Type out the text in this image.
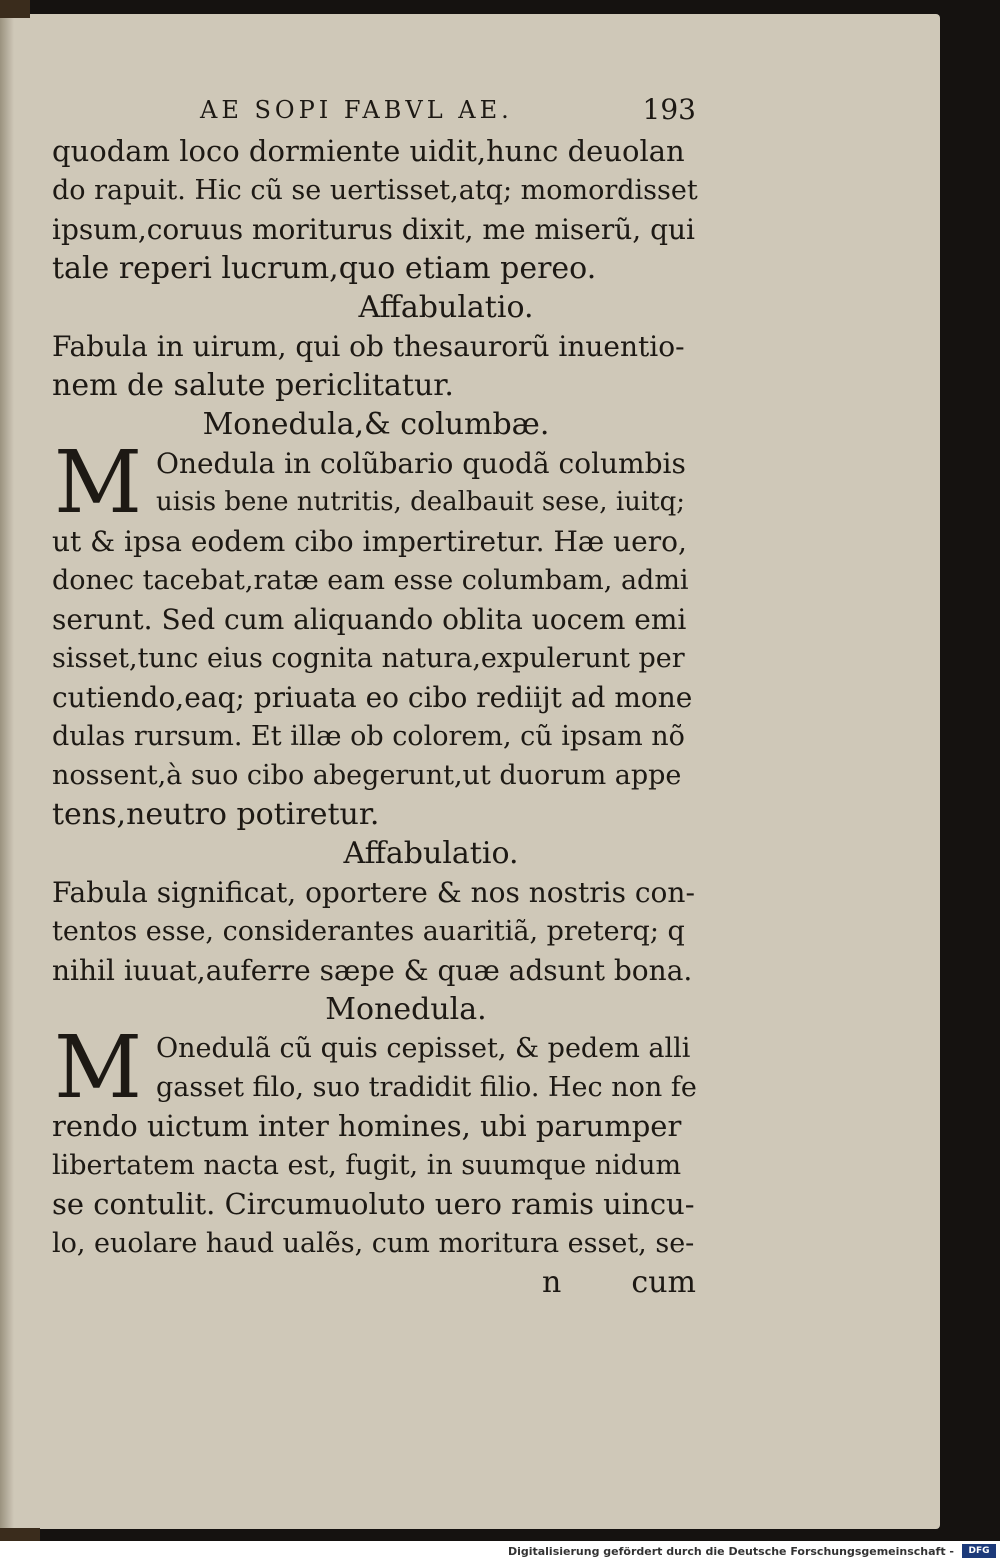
AE SOPI FABVL AE.	193
quodam loco dormiente uidit,hunc deuolan
do rapuit. Hic cũ se uertisset,atq; momordisset
ipsum,coruus moriturus dixit, me miserũ, qui
tale reperi lucrum,quo etiam pereo.
Affabulatio.
Fabula in uirum, qui ob thesaurorũ inuentio-
nem de salute periclitatur.
Monedula,& columbæ.
M Onedula in colũbario quodã columbis
uisis bene nutritis, dealbauit sese, iuitq;
ut & ipsa eodem cibo impertiretur. Hæ uero,
donec tacebat,ratæ eam esse columbam, admi
serunt. Sed cum aliquando oblita uocem emi
sisset,tunc eius cognita natura,expulerunt per
cutiendo,eaq; priuata eo cibo rediijt ad mone
dulas rursum. Et illæ ob colorem, cũ ipsam nõ
nossent,à suo cibo abegerunt,ut duorum appe
tens,neutro potiretur.
Affabulatio.
Fabula significat, oportere & nos nostris con-
tentos esse, considerantes auaritiã, preterq; q
nihil iuuat,auferre sæpe & quæ adsunt bona.
Monedula.
M Onedulã cũ quis cepisset, & pedem alli
gasset filo, suo tradidit filio. Hec non fe
rendo uictum inter homines, ubi parumper
libertatem nacta est, fugit, in suumque nidum
se contulit. Circumuoluto uero ramis uincu-
lo, euolare haud ualẽs, cum moritura esset, se-
n cum
Digitalisierung gefördert durch die Deutsche Forschungsgemeinschaft -	DFG
